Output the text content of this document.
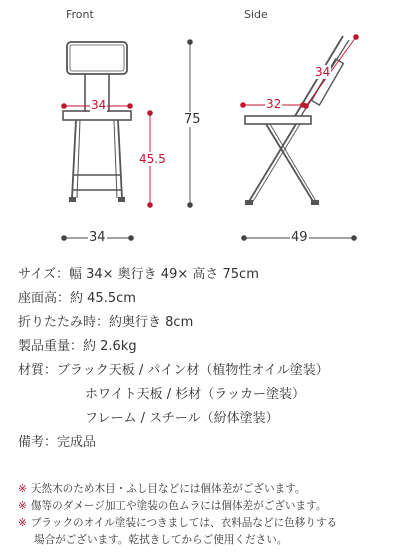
Front	Side
34
45.5
75
34
32
34
49
サイズ：幅 34× 奥行き 49× 高さ 75cm
座面高：約 45.5cm
折りたたみ時：約奥行き 8cm
製品重量：約 2.6kg
材質：ブラック天板 / パイン材（植物性オイル塗装）
ホワイト天板 / 杉材（ラッカー塗装）
フレーム / スチール（紛体塗装）
備考：完成品
※ 天然木のため木目・ふし目などには個体差がございます。
※ 傷等のダメージ加工や塗装の色ムラには個体差がございます。
※ ブラックのオイル塗装につきましては、衣料品などに色移りする
場合がございます。乾拭きしてからご使用ください。
